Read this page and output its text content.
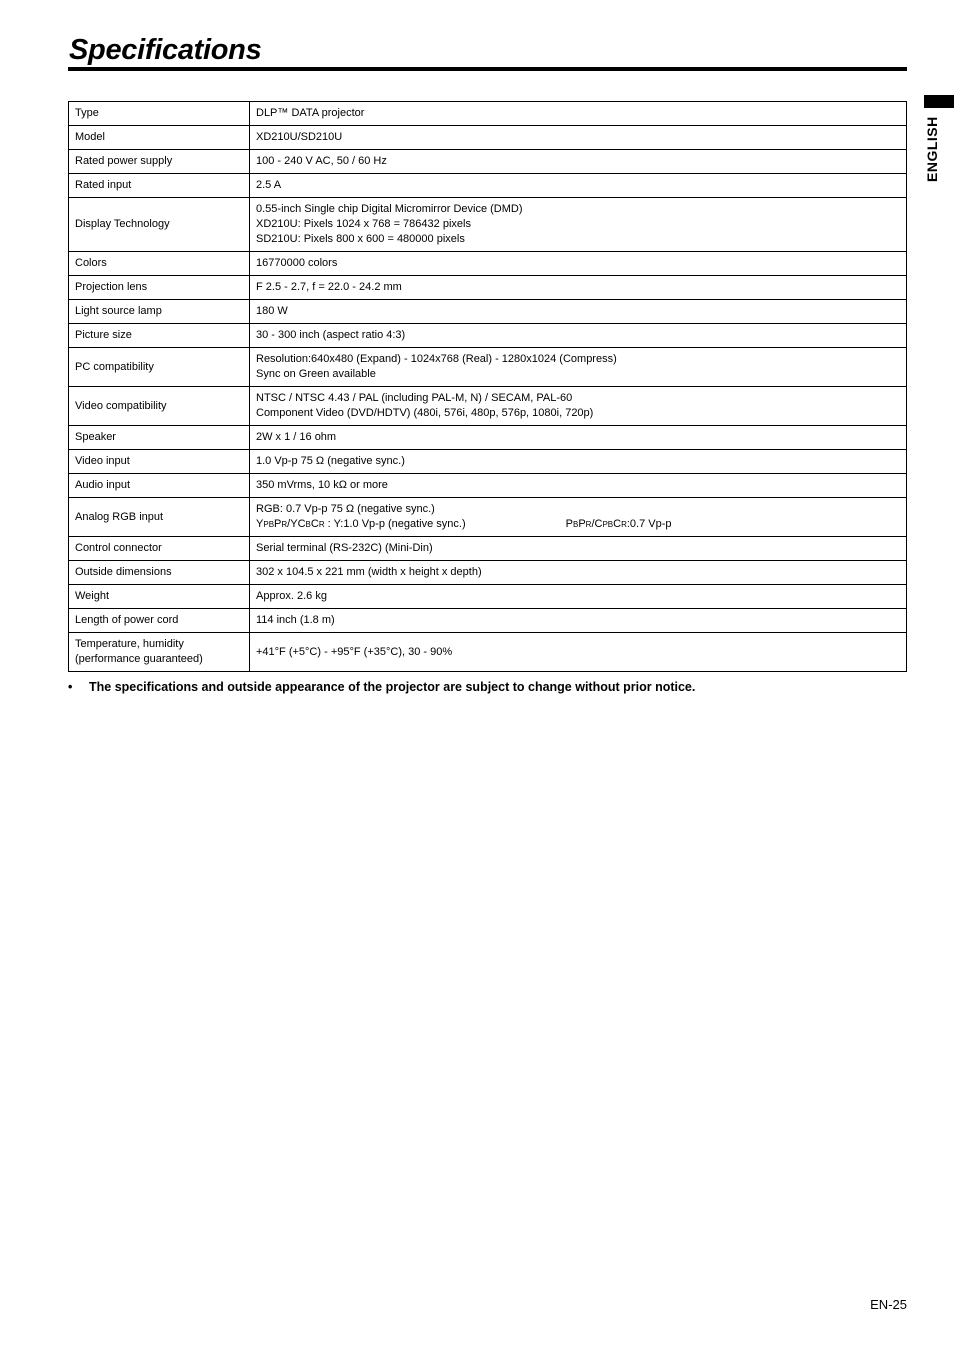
Specifications
ENGLISH
Type	DLP™ DATA projector

Model	XD210U/SD210U

Rated power supply	100 - 240 V AC, 50 / 60 Hz

Rated input	2.5 A

Display Technology	0.55-inch Single chip Digital Micromirror Device (DMD)
XD210U: Pixels 1024 x 768 = 786432 pixels
SD210U: Pixels 800 x 600 = 480000 pixels

Colors	16770000 colors

Projection lens	F 2.5 - 2.7, f = 22.0 - 24.2 mm

Light source lamp	180 W

Picture size	30 - 300 inch (aspect ratio 4:3)

PC compatibility	Resolution:640x480 (Expand) - 1024x768 (Real) - 1280x1024 (Compress)
Sync on Green available

Video compatibility	NTSC / NTSC 4.43 / PAL (including PAL-M, N) / SECAM, PAL-60
Component Video (DVD/HDTV) (480i, 576i, 480p, 576p, 1080i, 720p)

Speaker	2W x 1 / 16 ohm

Video input	1.0 Vp-p 75 Ω (negative sync.)

Audio input	350 mVrms, 10 kΩ or more

Analog RGB input	RGB: 0.7 Vp-p 75 Ω (negative sync.)
YPBPR/YCBCR : Y:1.0 Vp-p (negative sync.) PBPR/CPBCR:0.7 Vp-p

Control connector	Serial terminal (RS-232C) (Mini-Din)

Outside dimensions	302 x 104.5 x 221 mm (width x height x depth)

Weight	Approx. 2.6 kg

Length of power cord	114 inch (1.8 m)

Temperature, humidity
(performance guaranteed)	+41°F (+5°C) - +95°F (+35°C), 30 - 90%
• The specifications and outside appearance of the projector are subject to change without prior notice.
EN-25
